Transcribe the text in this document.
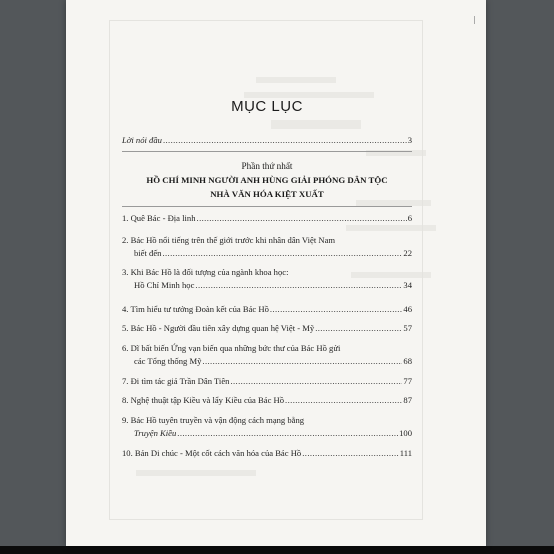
MỤC LỤC
Lời nói đầu .....	3
Phần thứ nhất
HỒ CHÍ MINH NGƯỜI ANH HÙNG GIẢI PHÓNG DÂN TỘC
NHÀ VĂN HÓA KIỆT XUẤT
1. Quê Bác - Địa linh .....	6
2. Bác Hồ nổi tiếng trên thế giới trước khi nhân dân Việt Nam
biết đến .....	22
3. Khi Bác Hồ là đối tượng của ngành khoa học:
Hồ Chí Minh học .....	34
4. Tìm hiểu tư tưởng Đoàn kết của Bác Hồ .....	46
5. Bác Hồ - Người đầu tiên xây dựng quan hệ Việt - Mỹ .....	57
6. Dĩ bất biến Ứng vạn biến qua những bức thư của Bác Hồ gửi
các Tổng thống Mỹ .....	68
7. Đi tìm tác giả Trần Dân Tiên .....	77
8. Nghệ thuật tập Kiều và lẩy Kiều của Bác Hồ .....	87
9. Bác Hồ tuyên truyền và vận động cách mạng bằng
Truyện Kiều .....	100
10. Bản Di chúc - Một cốt cách văn hóa của Bác Hồ .....	111
